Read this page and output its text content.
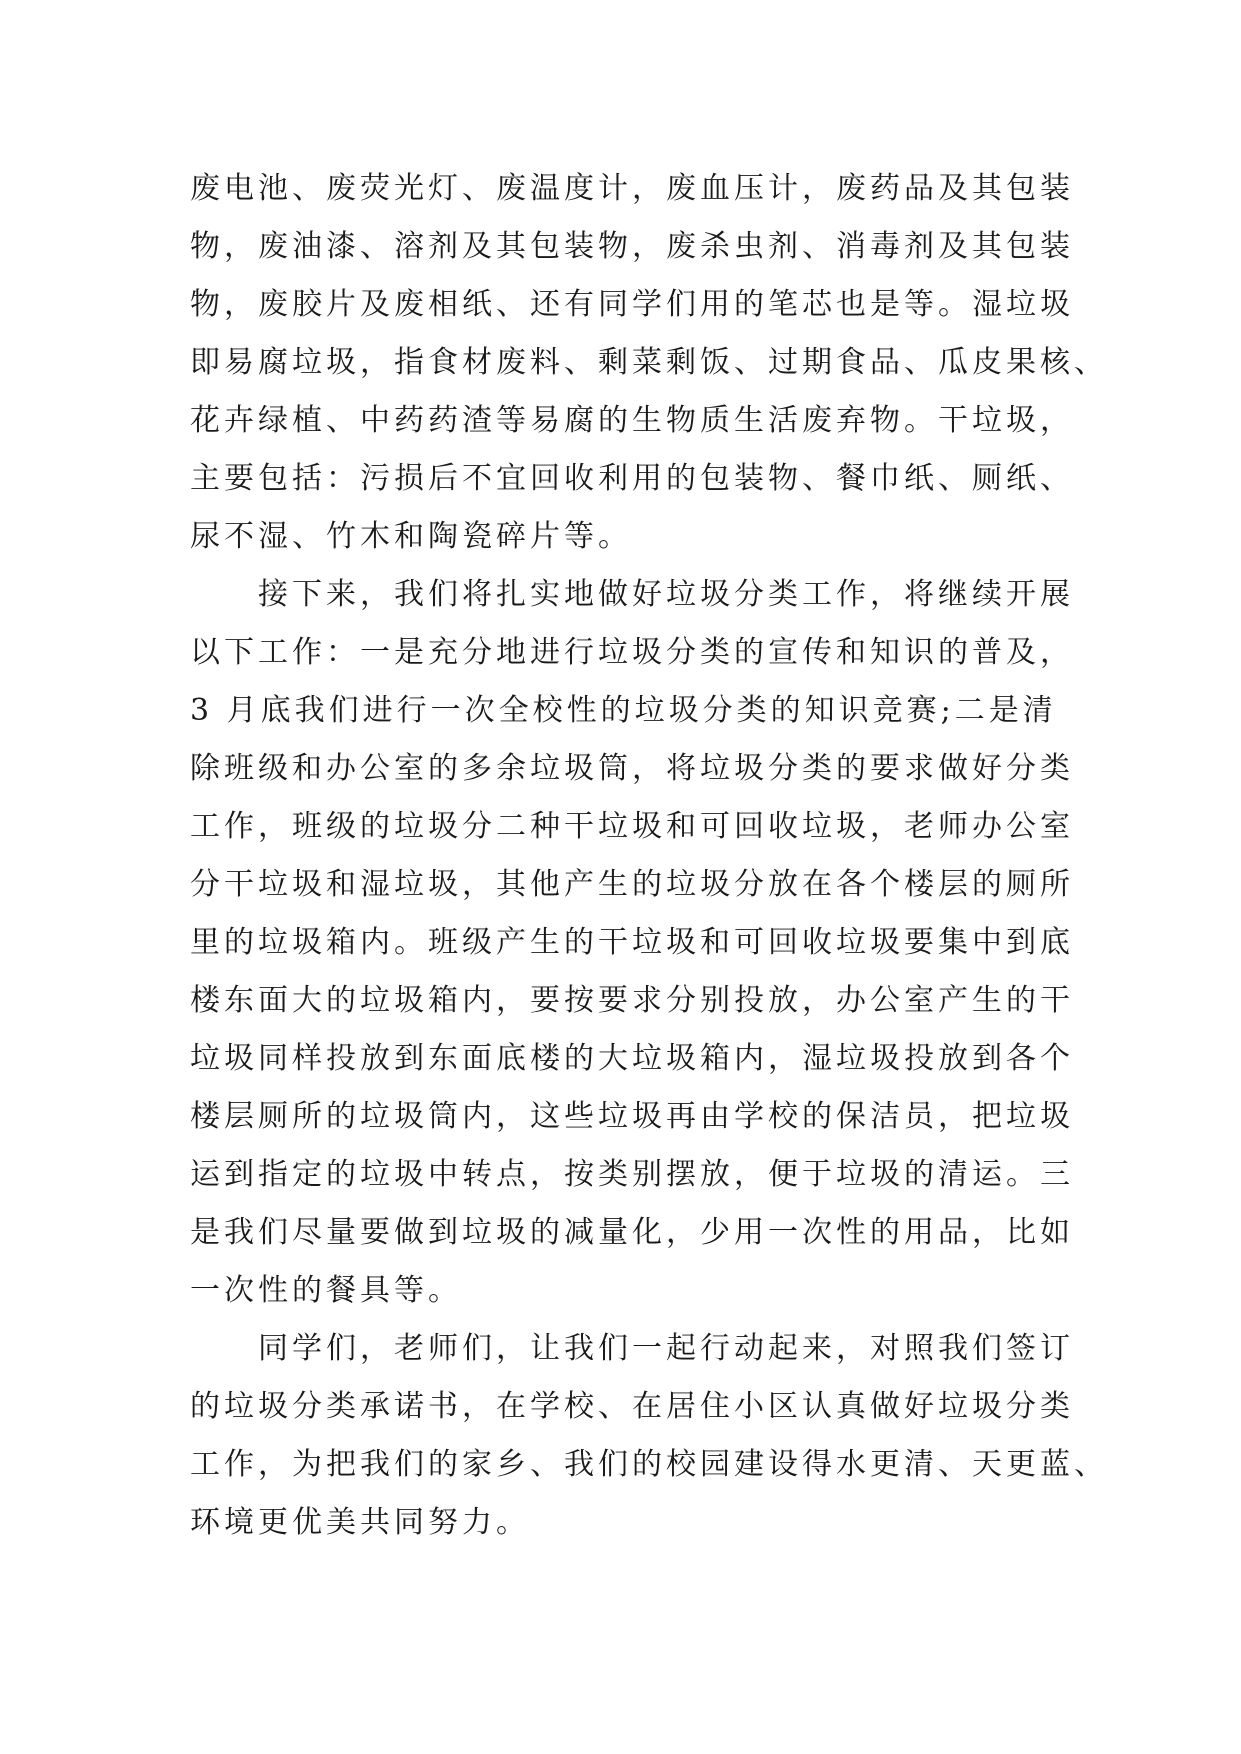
废电池、废荧光灯、废温度计，废血压计，废药品及其包装
物，废油漆、溶剂及其包装物，废杀虫剂、消毒剂及其包装
物，废胶片及废相纸、还有同学们用的笔芯也是等。湿垃圾
即易腐垃圾，指食材废料、剩菜剩饭、过期食品、瓜皮果核、
花卉绿植、中药药渣等易腐的生物质生活废弃物。干垃圾，
主要包括：污损后不宜回收利用的包装物、餐巾纸、厕纸、
尿不湿、竹木和陶瓷碎片等。
　　接下来，我们将扎实地做好垃圾分类工作，将继续开展
以下工作：一是充分地进行垃圾分类的宣传和知识的普及，
3 月底我们进行一次全校性的垃圾分类的知识竞赛;二是清
除班级和办公室的多余垃圾筒，将垃圾分类的要求做好分类
工作，班级的垃圾分二种干垃圾和可回收垃圾，老师办公室
分干垃圾和湿垃圾，其他产生的垃圾分放在各个楼层的厕所
里的垃圾箱内。班级产生的干垃圾和可回收垃圾要集中到底
楼东面大的垃圾箱内，要按要求分别投放，办公室产生的干
垃圾同样投放到东面底楼的大垃圾箱内，湿垃圾投放到各个
楼层厕所的垃圾筒内，这些垃圾再由学校的保洁员，把垃圾
运到指定的垃圾中转点，按类别摆放，便于垃圾的清运。三
是我们尽量要做到垃圾的减量化，少用一次性的用品，比如
一次性的餐具等。
　　同学们，老师们，让我们一起行动起来，对照我们签订
的垃圾分类承诺书，在学校、在居住小区认真做好垃圾分类
工作，为把我们的家乡、我们的校园建设得水更清、天更蓝、
环境更优美共同努力。
